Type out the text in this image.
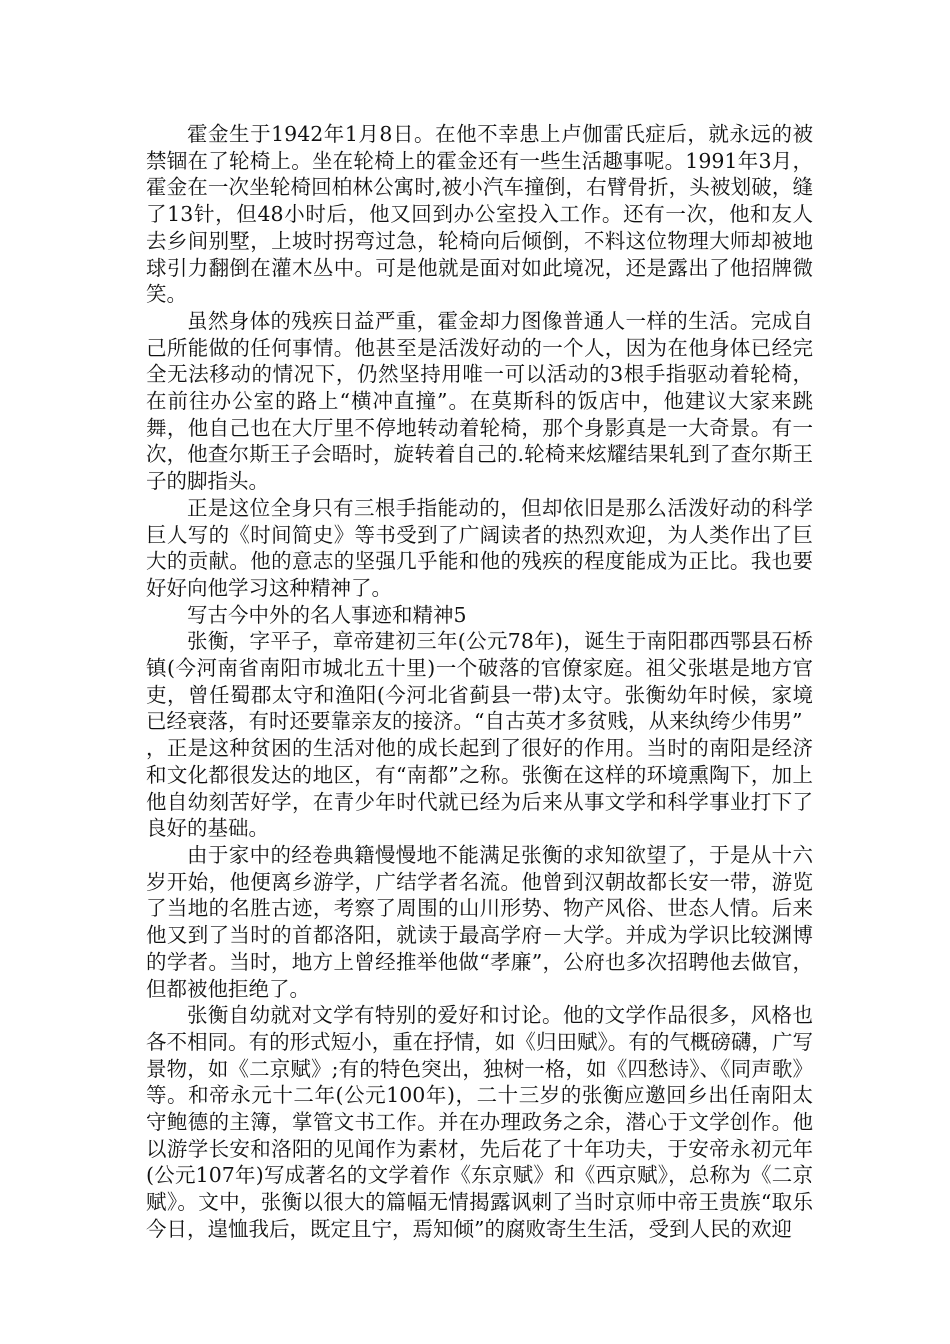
霍金生于1942年1月8日。在他不幸患上卢伽雷氏症后，就永远的被禁锢在了轮椅上。坐在轮椅上的霍金还有一些生活趣事呢。1991年3月，霍金在一次坐轮椅回柏林公寓时,被小汽车撞倒，右臂骨折，头被划破，缝了13针，但48小时后，他又回到办公室投入工作。还有一次，他和友人去乡间别墅，上坡时拐弯过急，轮椅向后倾倒，不料这位物理大师却被地球引力翻倒在灌木丛中。可是他就是面对如此境况，还是露出了他招牌微笑。

虽然身体的残疾日益严重，霍金却力图像普通人一样的生活。完成自己所能做的任何事情。他甚至是活泼好动的一个人，因为在他身体已经完全无法移动的情况下，仍然坚持用唯一可以活动的3根手指驱动着轮椅，在前往办公室的路上“横冲直撞”。在莫斯科的饭店中，他建议大家来跳舞，他自己也在大厅里不停地转动着轮椅，那个身影真是一大奇景。有一次，他查尔斯王子会晤时，旋转着自己的.轮椅来炫耀结果轧到了查尔斯王子的脚指头。

正是这位全身只有三根手指能动的，但却依旧是那么活泼好动的科学巨人写的《时间简史》等书受到了广阔读者的热烈欢迎，为人类作出了巨大的贡献。他的意志的坚强几乎能和他的残疾的程度能成为正比。我也要好好向他学习这种精神了。

写古今中外的名人事迹和精神5

张衡，字平子，章帝建初三年(公元78年)，诞生于南阳郡西鄂县石桥镇(今河南省南阳市城北五十里)一个破落的官僚家庭。祖父张堪是地方官吏，曾任蜀郡太守和渔阳(今河北省蓟县一带)太守。张衡幼年时候，家境已经衰落，有时还要靠亲友的接济。“自古英才多贫贱，从来纨绔少伟男”

，正是这种贫困的生活对他的成长起到了很好的作用。当时的南阳是经济和文化都很发达的地区，有“南都”之称。张衡在这样的环境熏陶下，加上他自幼刻苦好学，在青少年时代就已经为后来从事文学和科学事业打下了良好的基础。

由于家中的经卷典籍慢慢地不能满足张衡的求知欲望了，于是从十六岁开始，他便离乡游学，广结学者名流。他曾到汉朝故都长安一带，游览了当地的名胜古迹，考察了周围的山川形势、物产风俗、世态人情。后来他又到了当时的首都洛阳，就读于最高学府－大学。并成为学识比较渊博的学者。当时，地方上曾经推举他做“孝廉”，公府也多次招聘他去做官，但都被他拒绝了。

张衡自幼就对文学有特别的爱好和讨论。他的文学作品很多，风格也各不相同。有的形式短小，重在抒情，如《归田赋》。有的气概磅礴，广写景物，如《二京赋》;有的特色突出，独树一格，如《四愁诗》、《同声歌》等。和帝永元十二年(公元100年)，二十三岁的张衡应邀回乡出任南阳太守鲍德的主簿，掌管文书工作。并在办理政务之余，潜心于文学创作。他以游学长安和洛阳的见闻作为素材，先后花了十年功夫，于安帝永初元年(公元107年)写成著名的文学着作《东京赋》和《西京赋》，总称为《二京赋》。文中，张衡以很大的篇幅无情揭露讽刺了当时京师中帝王贵族“取乐今日，遑恤我后，既定且宁，焉知倾”的腐败寄生生活，受到人民的欢迎
